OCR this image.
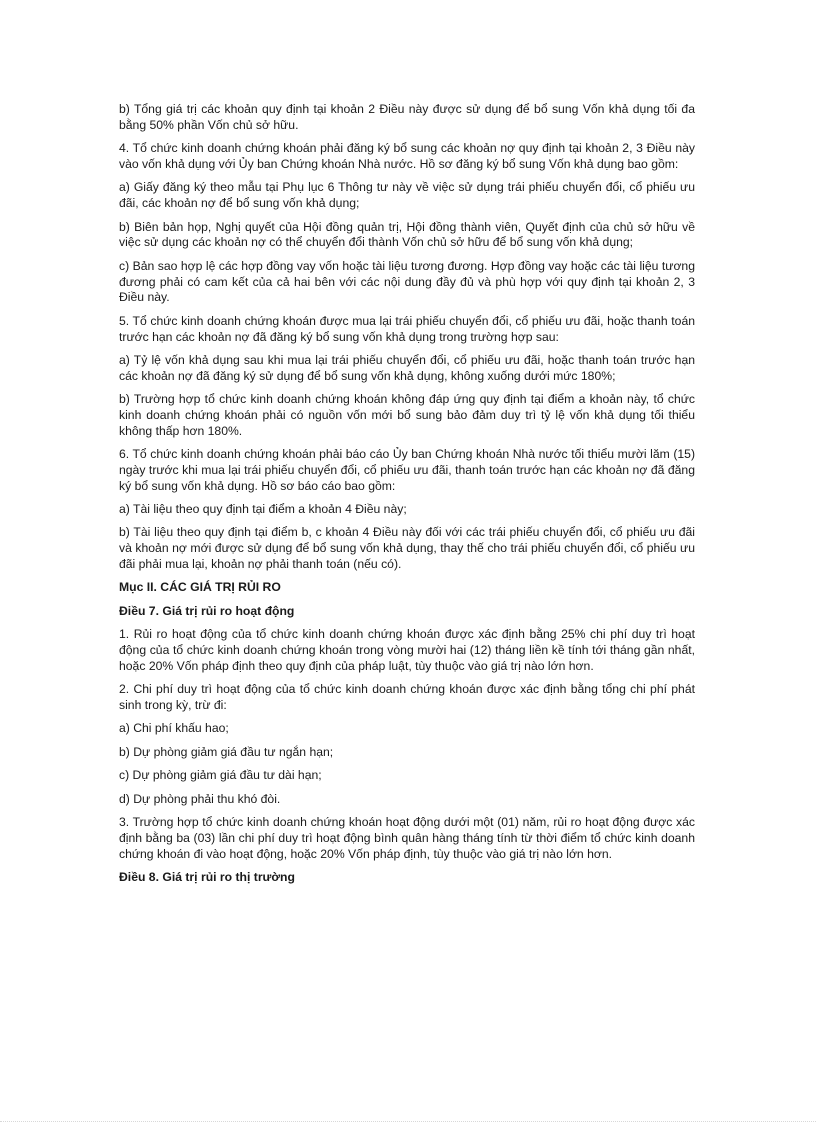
b) Tổng giá trị các khoản quy định tại khoản 2 Điều này được sử dụng để bổ sung Vốn khả dụng tối đa bằng 50% phần Vốn chủ sở hữu.

4. Tổ chức kinh doanh chứng khoán phải đăng ký bổ sung các khoản nợ quy định tại khoản 2, 3 Điều này vào vốn khả dụng với Ủy ban Chứng khoán Nhà nước. Hồ sơ đăng ký bổ sung Vốn khả dụng bao gồm:

a) Giấy đăng ký theo mẫu tại Phụ lục 6 Thông tư này về việc sử dụng trái phiếu chuyển đổi, cổ phiếu ưu đãi, các khoản nợ để bổ sung vốn khả dụng;

b) Biên bản họp, Nghị quyết của Hội đồng quản trị, Hội đồng thành viên, Quyết định của chủ sở hữu về việc sử dụng các khoản nợ có thể chuyển đổi thành Vốn chủ sở hữu để bổ sung vốn khả dụng;

c) Bản sao hợp lệ các hợp đồng vay vốn hoặc tài liệu tương đương. Hợp đồng vay hoặc các tài liệu tương đương phải có cam kết của cả hai bên với các nội dung đầy đủ và phù hợp với quy định tại khoản 2, 3 Điều này.

5. Tổ chức kinh doanh chứng khoán được mua lại trái phiếu chuyển đổi, cổ phiếu ưu đãi, hoặc thanh toán trước hạn các khoản nợ đã đăng ký bổ sung vốn khả dụng trong trường hợp sau:

a) Tỷ lệ vốn khả dụng sau khi mua lại trái phiếu chuyển đổi, cổ phiếu ưu đãi, hoặc thanh toán trước hạn các khoản nợ đã đăng ký sử dụng để bổ sung vốn khả dụng, không xuống dưới mức 180%;

b) Trường hợp tổ chức kinh doanh chứng khoán không đáp ứng quy định tại điểm a khoản này, tổ chức kinh doanh chứng khoán phải có nguồn vốn mới bổ sung bảo đảm duy trì tỷ lệ vốn khả dụng tối thiểu không thấp hơn 180%.

6. Tổ chức kinh doanh chứng khoán phải báo cáo Ủy ban Chứng khoán Nhà nước tối thiểu mười lăm (15) ngày trước khi mua lại trái phiếu chuyển đổi, cổ phiếu ưu đãi, thanh toán trước hạn các khoản nợ đã đăng ký bổ sung vốn khả dụng. Hồ sơ báo cáo bao gồm:

a) Tài liệu theo quy định tại điểm a khoản 4 Điều này;

b) Tài liệu theo quy định tại điểm b, c khoản 4 Điều này đối với các trái phiếu chuyển đổi, cổ phiếu ưu đãi và khoản nợ mới được sử dụng để bổ sung vốn khả dụng, thay thế cho trái phiếu chuyển đổi, cổ phiếu ưu đãi phải mua lại, khoản nợ phải thanh toán (nếu có).

Mục II. CÁC GIÁ TRỊ RỦI RO

Điều 7. Giá trị rủi ro hoạt động

1. Rủi ro hoạt động của tổ chức kinh doanh chứng khoán được xác định bằng 25% chi phí duy trì hoạt động của tổ chức kinh doanh chứng khoán trong vòng mười hai (12) tháng liền kề tính tới tháng gần nhất, hoặc 20% Vốn pháp định theo quy định của pháp luật, tùy thuộc vào giá trị nào lớn hơn.

2. Chi phí duy trì hoạt động của tổ chức kinh doanh chứng khoán được xác định bằng tổng chi phí phát sinh trong kỳ, trừ đi:

a) Chi phí khấu hao;

b) Dự phòng giảm giá đầu tư ngắn hạn;

c) Dự phòng giảm giá đầu tư dài hạn;

d) Dự phòng phải thu khó đòi.

3. Trường hợp tổ chức kinh doanh chứng khoán hoạt động dưới một (01) năm, rủi ro hoạt động được xác định bằng ba (03) lần chi phí duy trì hoạt động bình quân hàng tháng tính từ thời điểm tổ chức kinh doanh chứng khoán đi vào hoạt động, hoặc 20% Vốn pháp định, tùy thuộc vào giá trị nào lớn hơn.

Điều 8. Giá trị rủi ro thị trường
